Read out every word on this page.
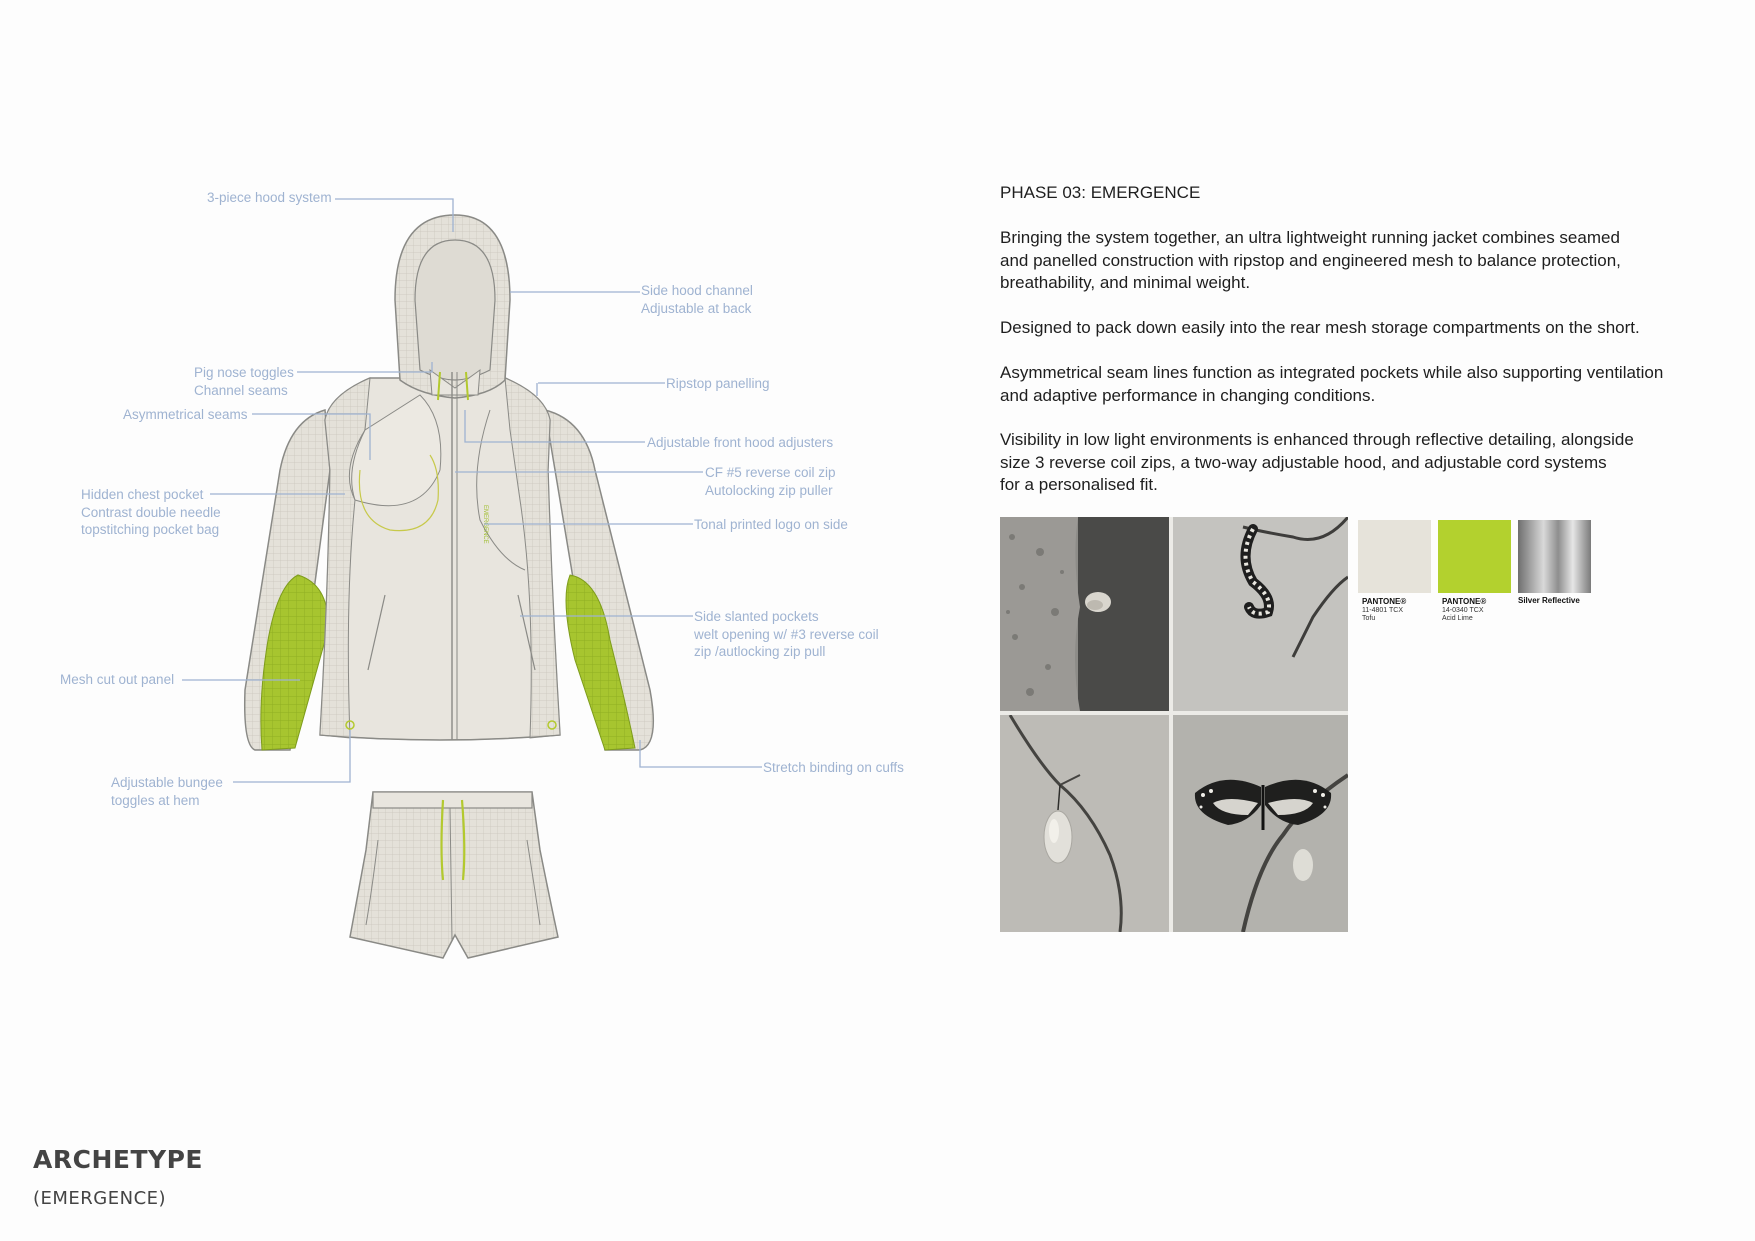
EMERGENCE
3-piece hood system
Side hood channel
Adjustable at back
Pig nose toggles
Channel seams	Ripstop panelling
Asymmetrical seams
Adjustable front hood adjusters
CF #5 reverse coil zip
Autolocking zip puller
Hidden chest pocket
Contrast double needle
topstitching pocket bag	Tonal printed logo on side
Side slanted pockets
welt opening w/ #3 reverse coil
zip /autlocking zip pull
Mesh cut out panel
Stretch binding on cuffs
Adjustable bungee
toggles at hem
PHASE 03: EMERGENCE
Bringing the system together, an ultra lightweight running jacket combines seamed
and panelled construction with ripstop and engineered mesh to balance protection,
breathability, and minimal weight.
Designed to pack down easily into the rear mesh storage compartments on the short.
Asymmetrical seam lines function as integrated pockets while also supporting ventilation
and adaptive performance in changing conditions.
Visibility in low light environments is enhanced through reflective detailing, alongside
size 3 reverse coil zips, a two-way adjustable hood, and adjustable cord systems
for a personalised fit.
PANTONE®
11-4801 TCX
Tofu
PANTONE®
14-0340 TCX
Acid Lime
Silver Reflective
ARCHETYPE
(EMERGENCE)
